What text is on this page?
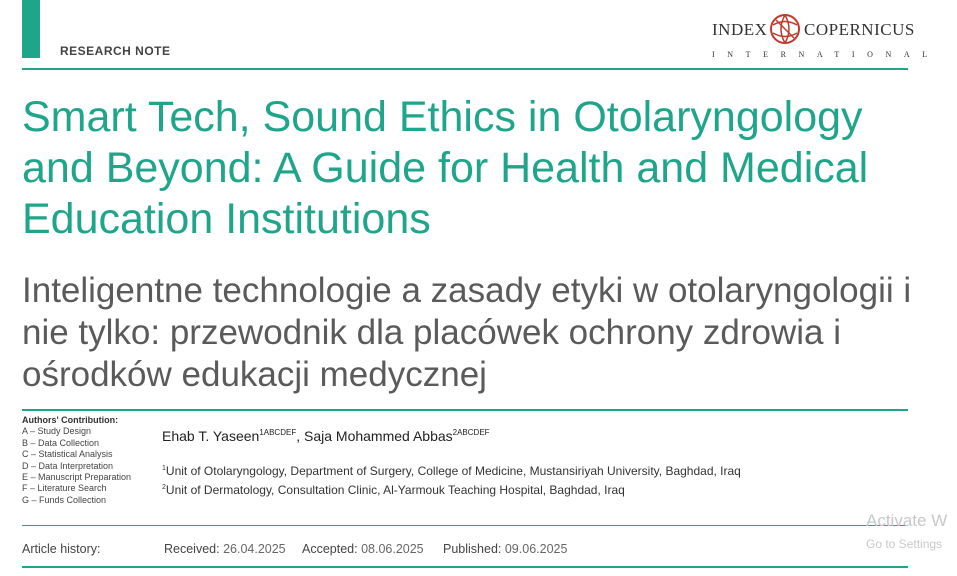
RESEARCH NOTE
INDEX COPERNICUS
INTERNATIONAL
Smart Tech, Sound Ethics in Otolaryngology and Beyond: A Guide for Health and Medical Education Institutions
Inteligentne technologie a zasady etyki w otolaryngologii i nie tylko: przewodnik dla placówek ochrony zdrowia i ośrodków edukacji medycznej
Authors' Contribution:
A – Study Design
B – Data Collection
C – Statistical Analysis
D – Data Interpretation
E – Manuscript Preparation
F – Literature Search
G – Funds Collection
Ehab T. Yaseen$^{1ABCDEF}$, Saja Mohammed Abbas$^{2ABCDEF}$
$^1$Unit of Otolaryngology, Department of Surgery, College of Medicine, Mustansiriyah University, Baghdad, Iraq
$^2$Unit of Dermatology, Consultation Clinic, Al-Yarmouk Teaching Hospital, Baghdad, Iraq
Article history:	Received: 26.04.2025 Accepted: 08.06.2025 Published: 09.06.2025
Activate W
Go to Settings
